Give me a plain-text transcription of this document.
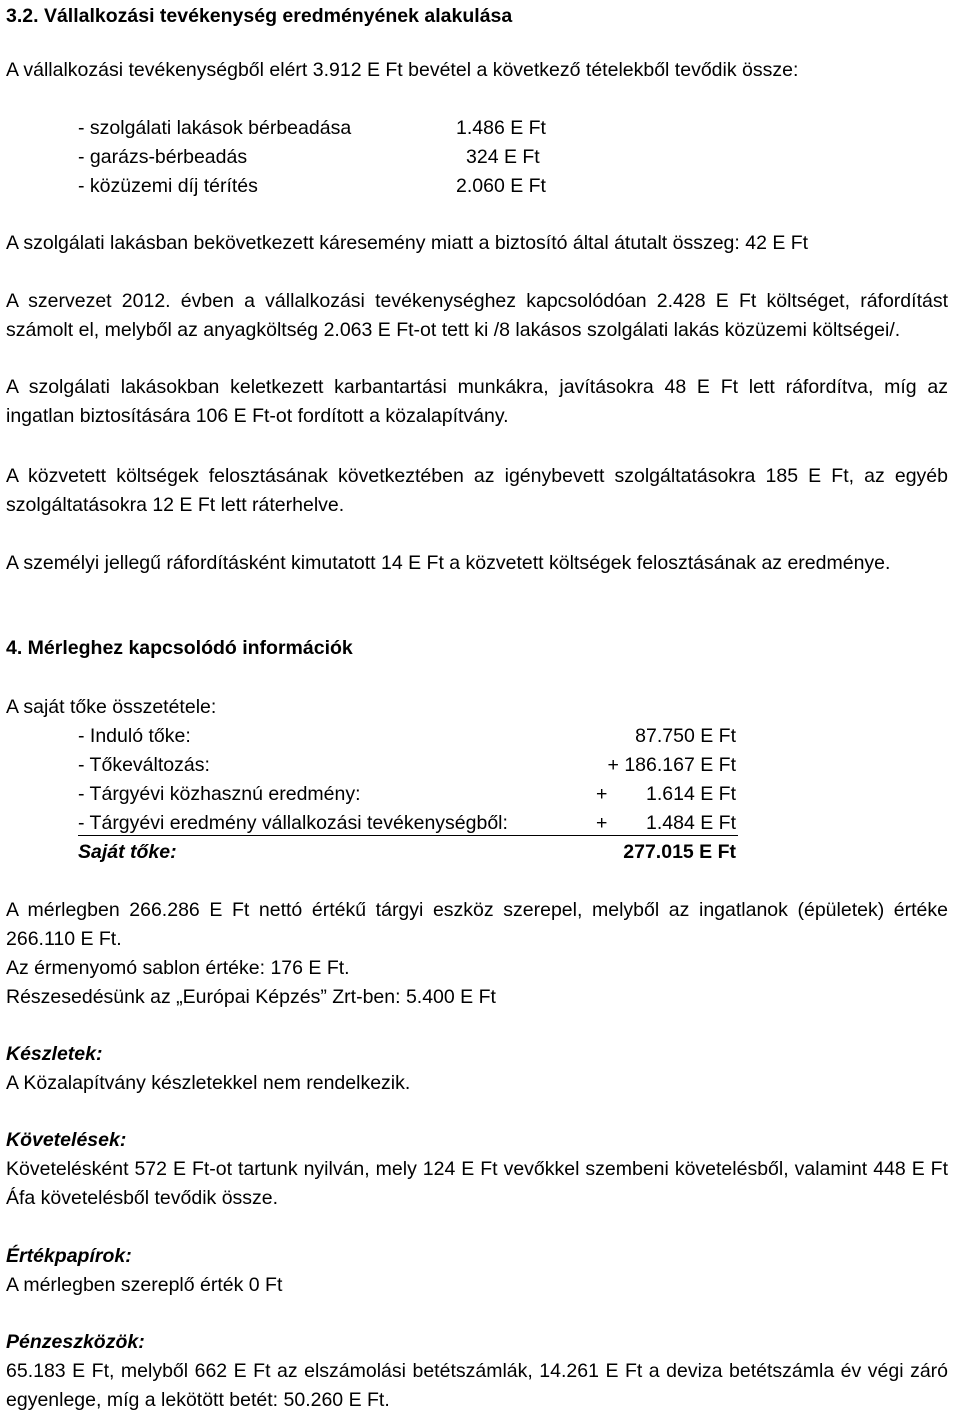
3.2. Vállalkozási tevékenység eredményének alakulása

A vállalkozási tevékenységből elért 3.912 E Ft bevétel a következő tételekből tevődik össze:

- szolgálati lakások bérbeadása	1.486 E Ft
- garázs-bérbeadás	324 E Ft
- közüzemi díj térítés	2.060 E Ft

A szolgálati lakásban bekövetkezett káresemény miatt a biztosító által átutalt összeg: 42 E Ft

A szervezet 2012. évben a vállalkozási tevékenységhez kapcsolódóan 2.428 E Ft költséget, ráfordítást számolt el, melyből az anyagköltség 2.063 E Ft-ot tett ki /8 lakásos szolgálati lakás közüzemi költségei/.

A szolgálati lakásokban keletkezett karbantartási munkákra, javításokra 48 E Ft lett ráfordítva, míg az ingatlan biztosítására 106 E Ft-ot fordított a közalapítvány.

A közvetett költségek felosztásának következtében az igénybevett szolgáltatásokra 185 E Ft, az egyéb szolgáltatásokra 12 E Ft lett ráterhelve.

A személyi jellegű ráfordításként kimutatott 14 E Ft a közvetett költségek felosztásának az eredménye.

4. Mérleghez kapcsolódó információk

A saját tőke összetétele:

- Induló tőke:	87.750 E Ft
- Tőkeváltozás:	+ 186.167 E Ft
- Tárgyévi közhasznú eredmény:	+ 1.614 E Ft
- Tárgyévi eredmény vállalkozási tevékenységből:	+ 1.484 E Ft
Saját tőke:	277.015 E Ft

A mérlegben 266.286 E Ft nettó értékű tárgyi eszköz szerepel, melyből az ingatlanok (épületek) értéke 266.110 E Ft.

Az érmenyomó sablon értéke: 176 E Ft.

Részesedésünk az „Európai Képzés” Zrt-ben: 5.400 E Ft

Készletek:

A Közalapítvány készletekkel nem rendelkezik.

Követelések:

Követelésként 572 E Ft-ot tartunk nyilván, mely 124 E Ft vevőkkel szembeni követelésből, valamint 448 E Ft Áfa követelésből tevődik össze.

Értékpapírok:

A mérlegben szereplő érték 0 Ft

Pénzeszközök:

65.183 E Ft, melyből 662 E Ft az elszámolási betétszámlák, 14.261 E Ft a deviza betétszámla év végi záró egyenlege, míg a lekötött betét: 50.260 E Ft.
